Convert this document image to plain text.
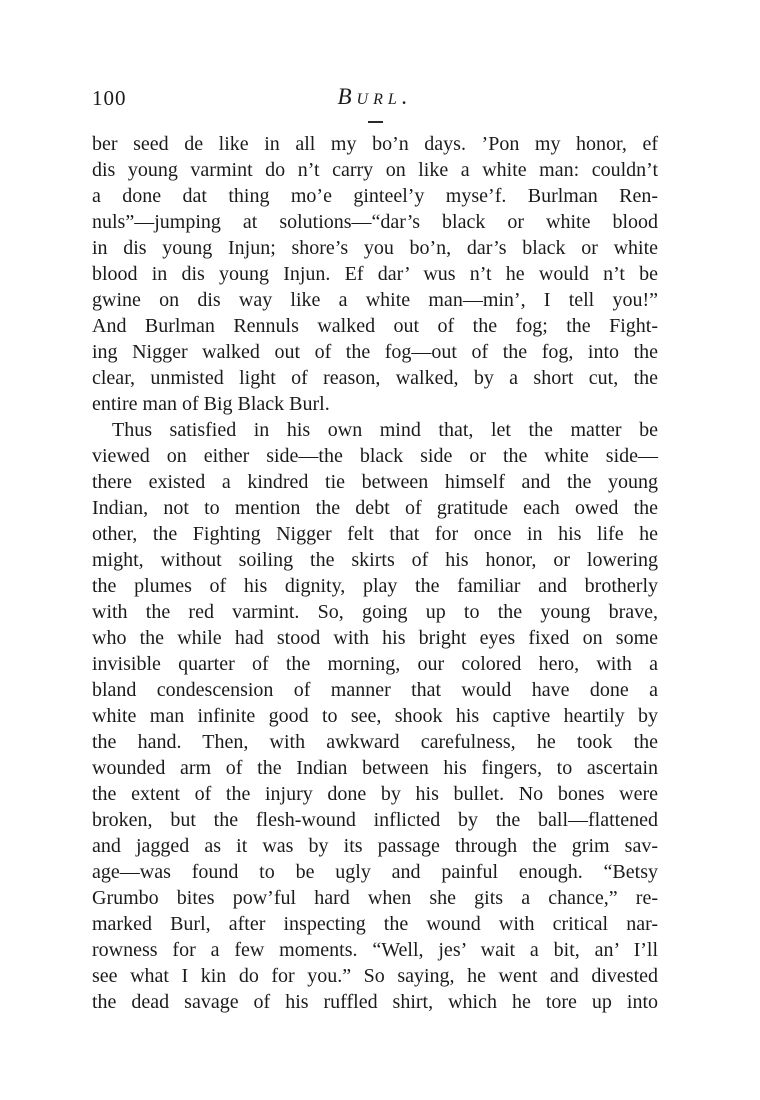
100	Burl.
ber seed de like in all my bo’n days. ’Pon my honor, ef
dis young varmint do n’t carry on like a white man: couldn’t
a done dat thing mo’e ginteel’y myse’f. Burlman Ren-
nuls”—jumping at solutions—“dar’s black or white blood
in dis young Injun; shore’s you bo’n, dar’s black or white
blood in dis young Injun. Ef dar’ wus n’t he would n’t be
gwine on dis way like a white man—min’, I tell you!”
And Burlman Rennuls walked out of the fog; the Fight-
ing Nigger walked out of the fog—out of the fog, into the
clear, unmisted light of reason, walked, by a short cut, the
entire man of Big Black Burl.
Thus satisfied in his own mind that, let the matter be
viewed on either side—the black side or the white side—
there existed a kindred tie between himself and the young
Indian, not to mention the debt of gratitude each owed the
other, the Fighting Nigger felt that for once in his life he
might, without soiling the skirts of his honor, or lowering
the plumes of his dignity, play the familiar and brotherly
with the red varmint. So, going up to the young brave,
who the while had stood with his bright eyes fixed on some
invisible quarter of the morning, our colored hero, with a
bland condescension of manner that would have done a
white man infinite good to see, shook his captive heartily by
the hand. Then, with awkward carefulness, he took the
wounded arm of the Indian between his fingers, to ascertain
the extent of the injury done by his bullet. No bones were
broken, but the flesh-wound inflicted by the ball—flattened
and jagged as it was by its passage through the grim sav-
age—was found to be ugly and painful enough. “Betsy
Grumbo bites pow’ful hard when she gits a chance,” re-
marked Burl, after inspecting the wound with critical nar-
rowness for a few moments. “Well, jes’ wait a bit, an’ I’ll
see what I kin do for you.” So saying, he went and divested
the dead savage of his ruffled shirt, which he tore up into
